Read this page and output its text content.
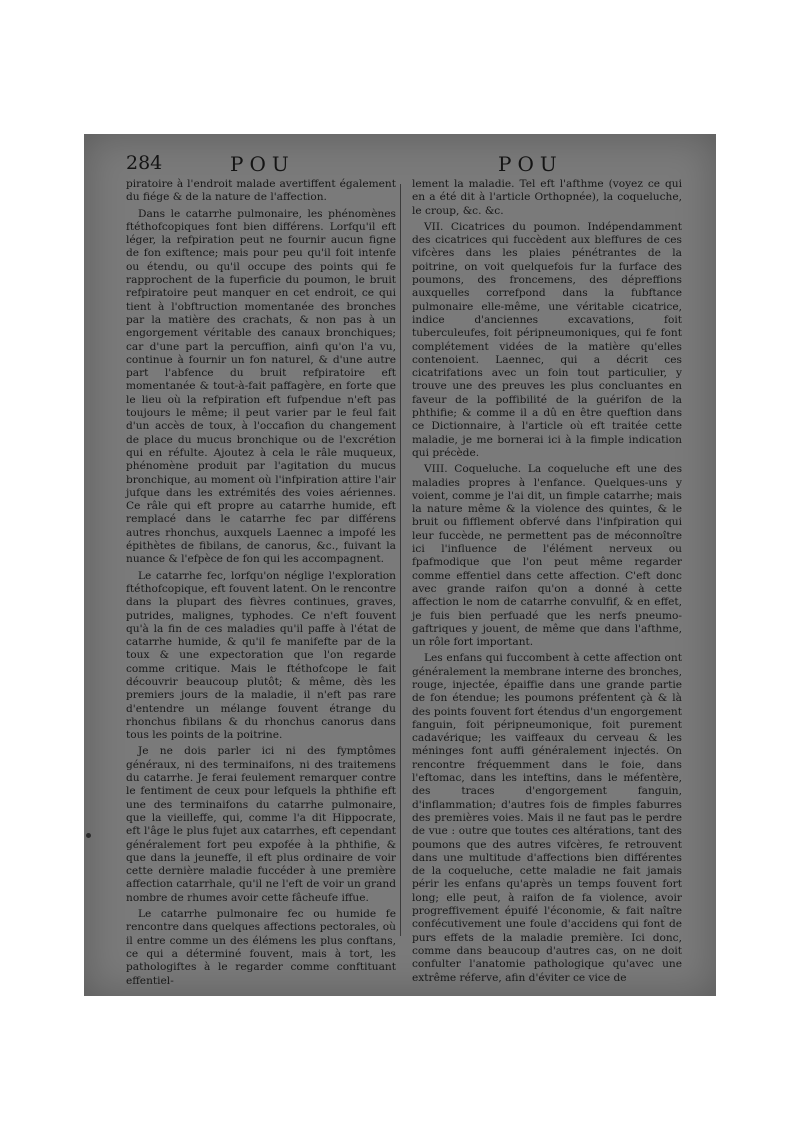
284	POU	POU

piratoire à l'endroit malade avertiffent également du fiége & de la nature de l'affection.

Dans le catarrhe pulmonaire, les phénomènes ftéthofcopiques font bien différens. Lorfqu'il eft léger, la refpiration peut ne fournir aucun figne de fon exiftence; mais pour peu qu'il foit intenfe ou étendu, ou qu'il occupe des points qui fe rapprochent de la fuperficie du poumon, le bruit refpiratoire peut manquer en cet endroit, ce qui tient à l'obftruction momentanée des bronches par la matière des crachats, & non pas à un engorgement véritable des canaux bronchiques; car d'une part la percuffion, ainfi qu'on l'a vu, continue à fournir un fon naturel, & d'une autre part l'abfence du bruit refpiratoire eft momentanée & tout-à-fait paffagère, en forte que le lieu où la refpiration eft fufpendue n'eft pas toujours le même; il peut varier par le feul fait d'un accès de toux, à l'occafion du changement de place du mucus bronchique ou de l'excrétion qui en réfulte. Ajoutez à cela le râle muqueux, phénomène produit par l'agitation du mucus bronchique, au moment où l'infpiration attire l'air jufque dans les extrémités des voies aériennes. Ce râle qui eft propre au catarrhe humide, eft remplacé dans le catarrhe fec par différens autres rhonchus, auxquels Laennec a impofé les épithètes de fibilans, de canorus, &c., fuivant la nuance & l'efpèce de fon qui les accompagnent.

Le catarrhe fec, lorfqu'on néglige l'exploration ftéthofcopique, eft fouvent latent. On le rencontre dans la plupart des fièvres continues, graves, putrides, malignes, typhodes. Ce n'eft fouvent qu'à la fin de ces maladies qu'il paffe à l'état de catarrhe humide, & qu'il fe manifefte par de la toux & une expectoration que l'on regarde comme critique. Mais le ftéthofcope le fait découvrir beaucoup plutôt; & même, dès les premiers jours de la maladie, il n'eft pas rare d'entendre un mélange fouvent étrange du rhonchus fibilans & du rhonchus canorus dans tous les points de la poitrine.

Je ne dois parler ici ni des fymptômes généraux, ni des terminaifons, ni des traitemens du catarrhe. Je ferai feulement remarquer contre le fentiment de ceux pour lefquels la phthifie eft une des terminaifons du catarrhe pulmonaire, que la vieilleffe, qui, comme l'a dit Hippocrate, eft l'âge le plus fujet aux catarrhes, eft cependant généralement fort peu expofée à la phthifie, & que dans la jeuneffe, il eft plus ordinaire de voir cette dernière maladie fuccéder à une première affection catarrhale, qu'il ne l'eft de voir un grand nombre de rhumes avoir cette fâcheufe iffue.

Le catarrhe pulmonaire fec ou humide fe rencontre dans quelques affections pectorales, où il entre comme un des élémens les plus conftans, ce qui a déterminé fouvent, mais à tort, les pathologiftes à le regarder comme conftituant effentiel-

lement la maladie. Tel eft l'afthme (voyez ce qui en a été dit à l'article Orthopnée), la coqueluche, le croup, &c. &c.

VII. Cicatrices du poumon. Indépendamment des cicatrices qui fuccèdent aux bleffures de ces vifcères dans les plaies pénétrantes de la poitrine, on voit quelquefois fur la furface des poumons, des froncemens, des dépreffions auxquelles correfpond dans la fubftance pulmonaire elle-même, une véritable cicatrice, indice d'anciennes excavations, foit tuberculeufes, foit péripneumoniques, qui fe font complétement vidées de la matière qu'elles contenoient. Laennec, qui a décrit ces cicatrifations avec un foin tout particulier, y trouve une des preuves les plus concluantes en faveur de la poffibilité de la guérifon de la phthifie; & comme il a dû en être queftion dans ce Dictionnaire, à l'article où eft traitée cette maladie, je me bornerai ici à la fimple indication qui précède.

VIII. Coqueluche. La coqueluche eft une des maladies propres à l'enfance. Quelques-uns y voient, comme je l'ai dit, un fimple catarrhe; mais la nature même & la violence des quintes, & le bruit ou fifflement obfervé dans l'infpiration qui leur fuccède, ne permettent pas de méconnoître ici l'influence de l'élément nerveux ou fpafmodique que l'on peut même regarder comme effentiel dans cette affection. C'eft donc avec grande raifon qu'on a donné à cette affection le nom de catarrhe convulfif, & en effet, je fuis bien perfuadé que les nerfs pneumo-gaftriques y jouent, de même que dans l'afthme, un rôle fort important.

Les enfans qui fuccombent à cette affection ont généralement la membrane interne des bronches, rouge, injectée, épaiffie dans une grande partie de fon étendue; les poumons préfentent çà & là des points fouvent fort étendus d'un engorgement fanguin, foit péripneumonique, foit purement cadavérique; les vaiffeaux du cerveau & les méninges font auffi généralement injectés. On rencontre fréquemment dans le foie, dans l'eftomac, dans les inteftins, dans le méfentère, des traces d'engorgement fanguin, d'inflammation; d'autres fois de fimples faburres des premières voies. Mais il ne faut pas le perdre de vue : outre que toutes ces altérations, tant des poumons que des autres vifcères, fe retrouvent dans une multitude d'affections bien différentes de la coqueluche, cette maladie ne fait jamais périr les enfans qu'après un temps fouvent fort long; elle peut, à raifon de fa violence, avoir progreffivement épuifé l'économie, & fait naître confécutivement une foule d'accidens qui font de purs effets de la maladie première. Ici donc, comme dans beaucoup d'autres cas, on ne doit confulter l'anatomie pathologique qu'avec une extrême réferve, afin d'éviter ce vice de
